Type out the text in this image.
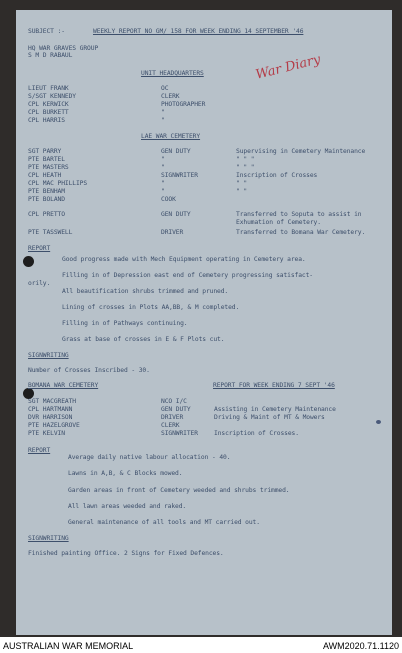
War Diary
SUBJECT :-	WEEKLY REPORT NO GM/ 158 FOR WEEK ENDING 14 SEPTEMBER '46
HQ WAR GRAVES GROUP
S M D RABAUL
UNIT HEADQUARTERS
LIEUT FRANK	OC
S/SGT KENNEDY	CLERK
CPL KERWICK	PHOTOGRAPHER
CPL BURKETT	"
CPL HARRIS	"
LAE WAR CEMETERY
SGT PARRY	GEN DUTY	Supervising in Cemetery Maintenance
PTE BARTEL	"	" " "
PTE MASTERS	"	" " "
CPL HEATH	SIGNWRITER	Inscription of Crosses
CPL MAC PHILLIPS	"	" "
PTE BENHAM	"	" "
PTE BOLAND	COOK
CPL PRETTO	GEN DUTY	Transferred to Soputa to assist in
Exhumation of Cemetery.
PTE TASSWELL	DRIVER	Transferred to Bomana War Cemetery.
REPORT
Good progress made with Mech Equipment operating in Cemetery area.
Filling in of Depression east end of Cemetery progressing satisfact-
orily.
All beautification shrubs trimmed and pruned.
Lining of crosses in Plots AA,BB, & M completed.
Filling in of Pathways continuing.
Grass at base of crosses in E & F Plots cut.
SIGNWRITING
Number of Crosses Inscribed - 30.
BOMANA WAR CEMETERY	REPORT FOR WEEK ENDING 7 SEPT '46
SGT MACGREATH	NCO I/C
CPL HARTMANN	GEN DUTY	Assisting in Cemetery Maintenance
DVR HARRISON	DRIVER	Driving & Maint of MT & Mowers
PTE HAZELGROVE	CLERK
PTE KELVIN	SIGNWRITER	Inscription of Crosses.
REPORT
Average daily native labour allocation - 40.
Lawns in A,B, & C Blocks mowed.
Garden areas in front of Cemetery weeded and shrubs trimmed.
All lawn areas weeded and raked.
General maintenance of all tools and MT carried out.
SIGNWRITING
Finished painting Office. 2 Signs for Fixed Defences.
AUSTRALIAN WAR MEMORIAL	AWM2020.71.1120
